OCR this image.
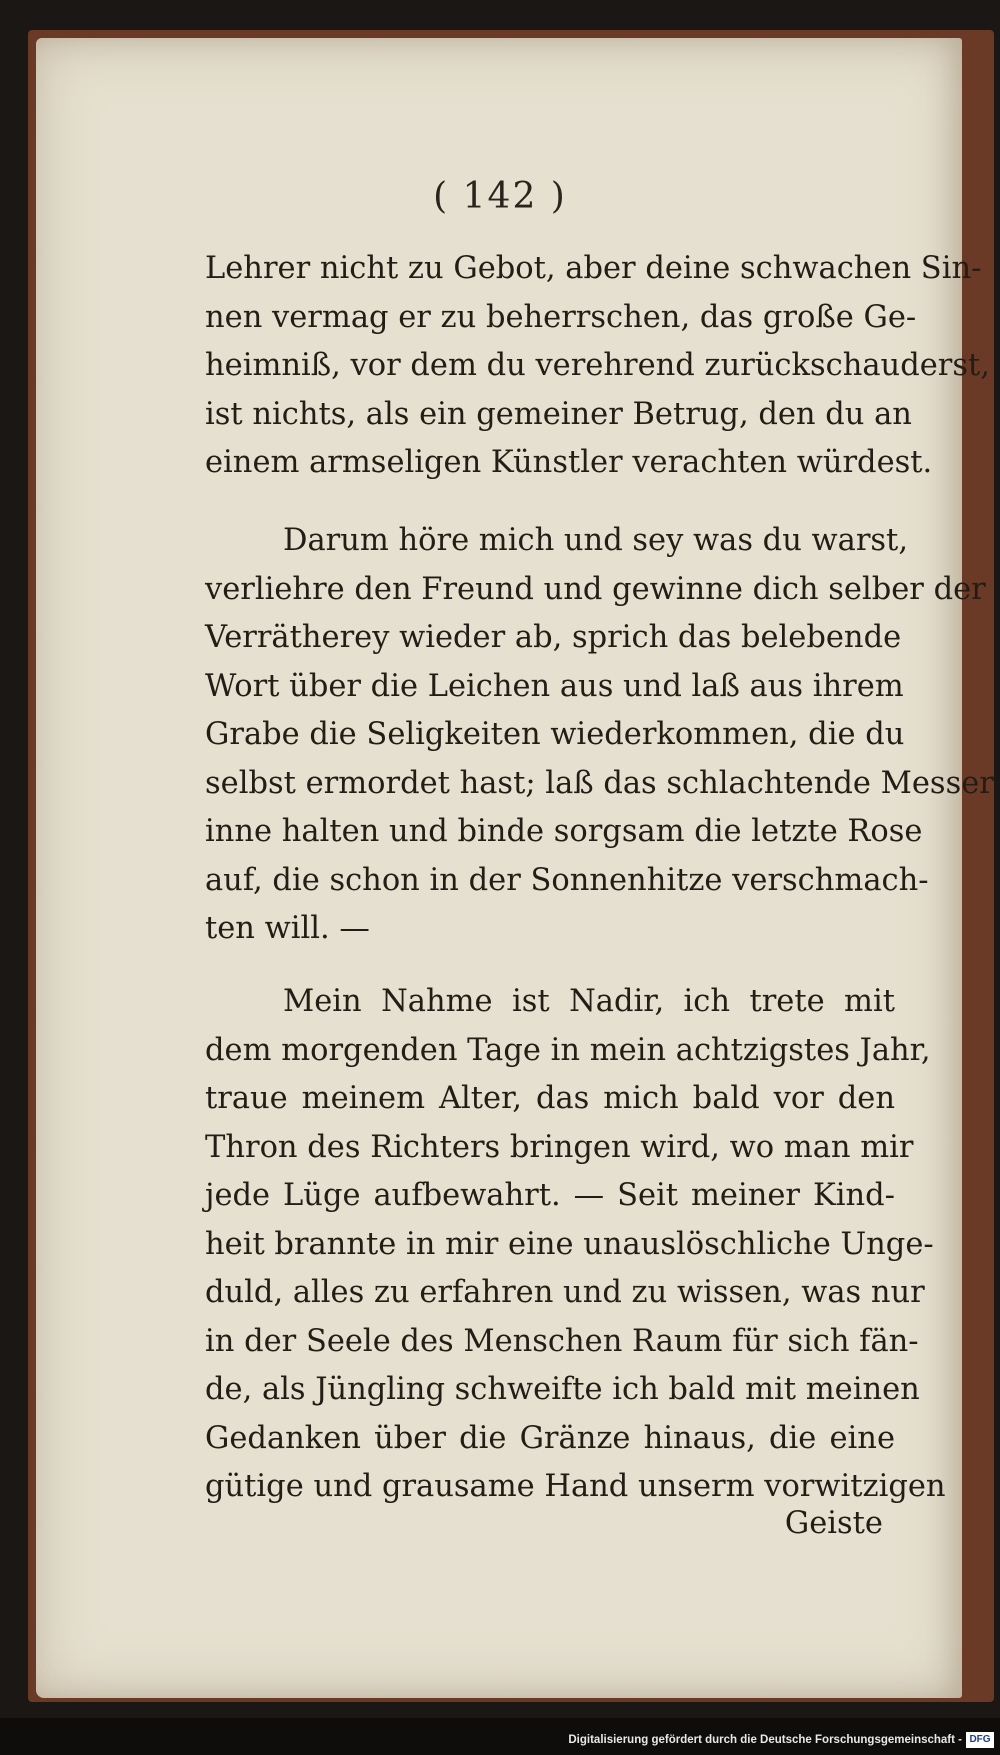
( 142 )

Lehrer nicht zu Gebot, aber deine schwachen Sin-
nen vermag er zu beherrschen, das große Ge-
heimniß, vor dem du verehrend zurückschauderst,
ist nichts, als ein gemeiner Betrug, den du an
einem armseligen Künstler verachten würdest.

Darum höre mich und sey was du warst,
verliehre den Freund und gewinne dich selber der
Verrätherey wieder ab, sprich das belebende
Wort über die Leichen aus und laß aus ihrem
Grabe die Seligkeiten wiederkommen, die du
selbst ermordet hast; laß das schlachtende Messer
inne halten und binde sorgsam die letzte Rose
auf, die schon in der Sonnenhitze verschmach-
ten will. —

Mein Nahme ist Nadir, ich trete mit
dem morgenden Tage in mein achtzigstes Jahr,
traue meinem Alter, das mich bald vor den
Thron des Richters bringen wird, wo man mir
jede Lüge aufbewahrt. — Seit meiner Kind-
heit brannte in mir eine unauslöschliche Unge-
duld, alles zu erfahren und zu wissen, was nur
in der Seele des Menschen Raum für sich fän-
de, als Jüngling schweifte ich bald mit meinen
Gedanken über die Gränze hinaus, die eine
gütige und grausame Hand unserm vorwitzigen

Geiste
Digitalisierung gefördert durch die Deutsche Forschungsgemeinschaft - DFG
